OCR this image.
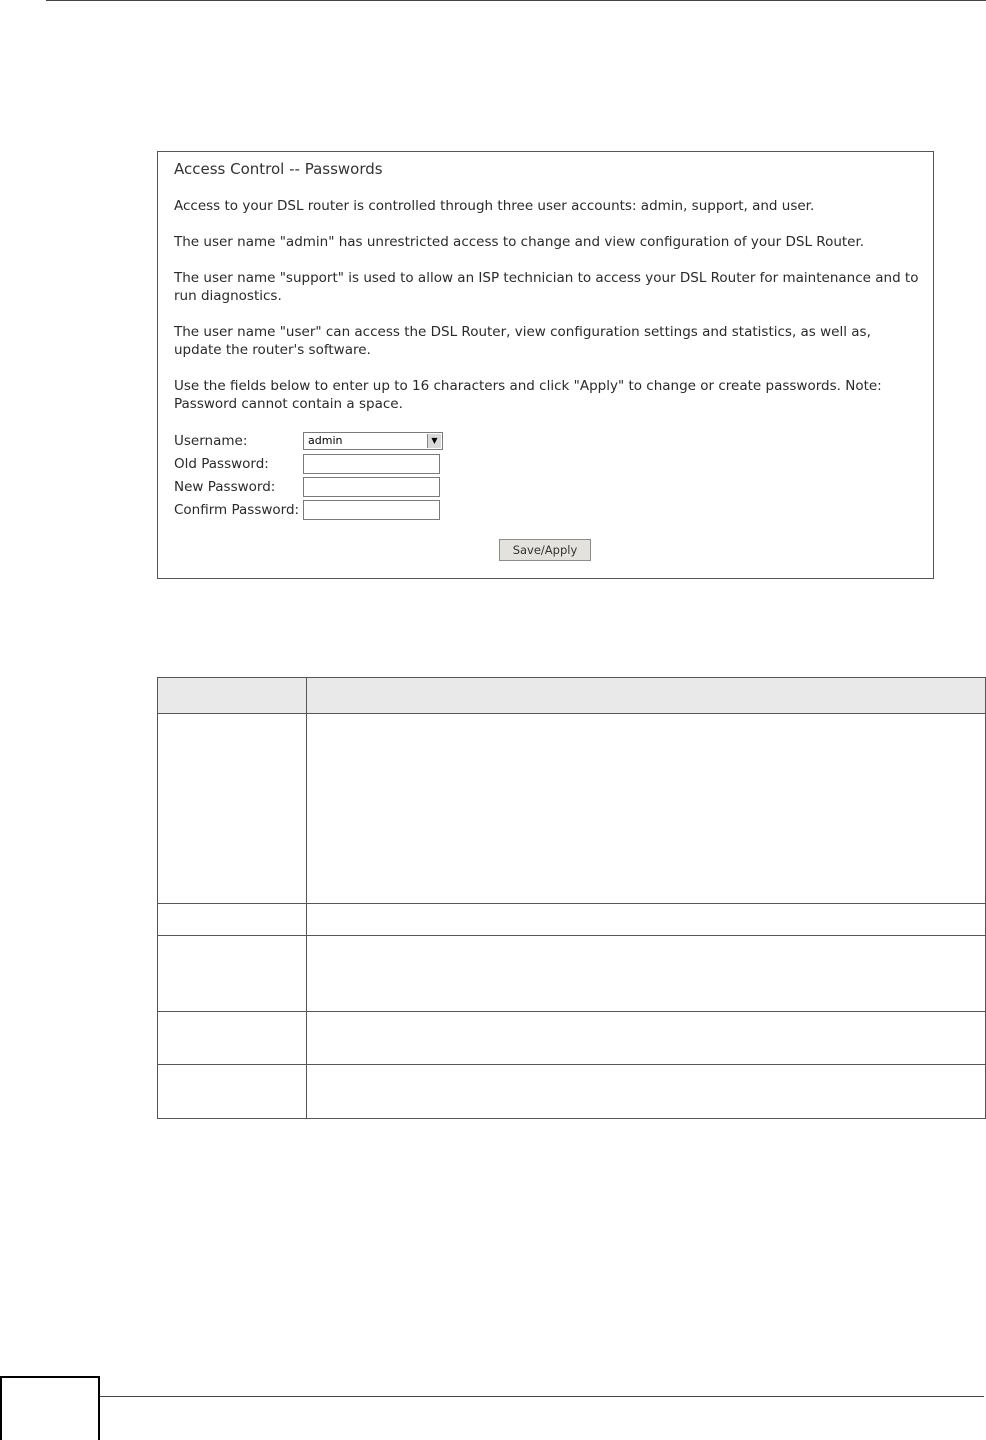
Access Control -- Passwords
Access to your DSL router is controlled through three user accounts: admin, support, and user.
The user name "admin" has unrestricted access to change and view configuration of your DSL Router.
The user name "support" is used to allow an ISP technician to access your DSL Router for maintenance and to run diagnostics.
The user name "user" can access the DSL Router, view configuration settings and statistics, as well as, update the router's software.
Use the fields below to enter up to 16 characters and click "Apply" to change or create passwords. Note: Password cannot contain a space.
Username:	admin	▼
Old Password:
New Password:
Confirm Password:
Save/Apply
